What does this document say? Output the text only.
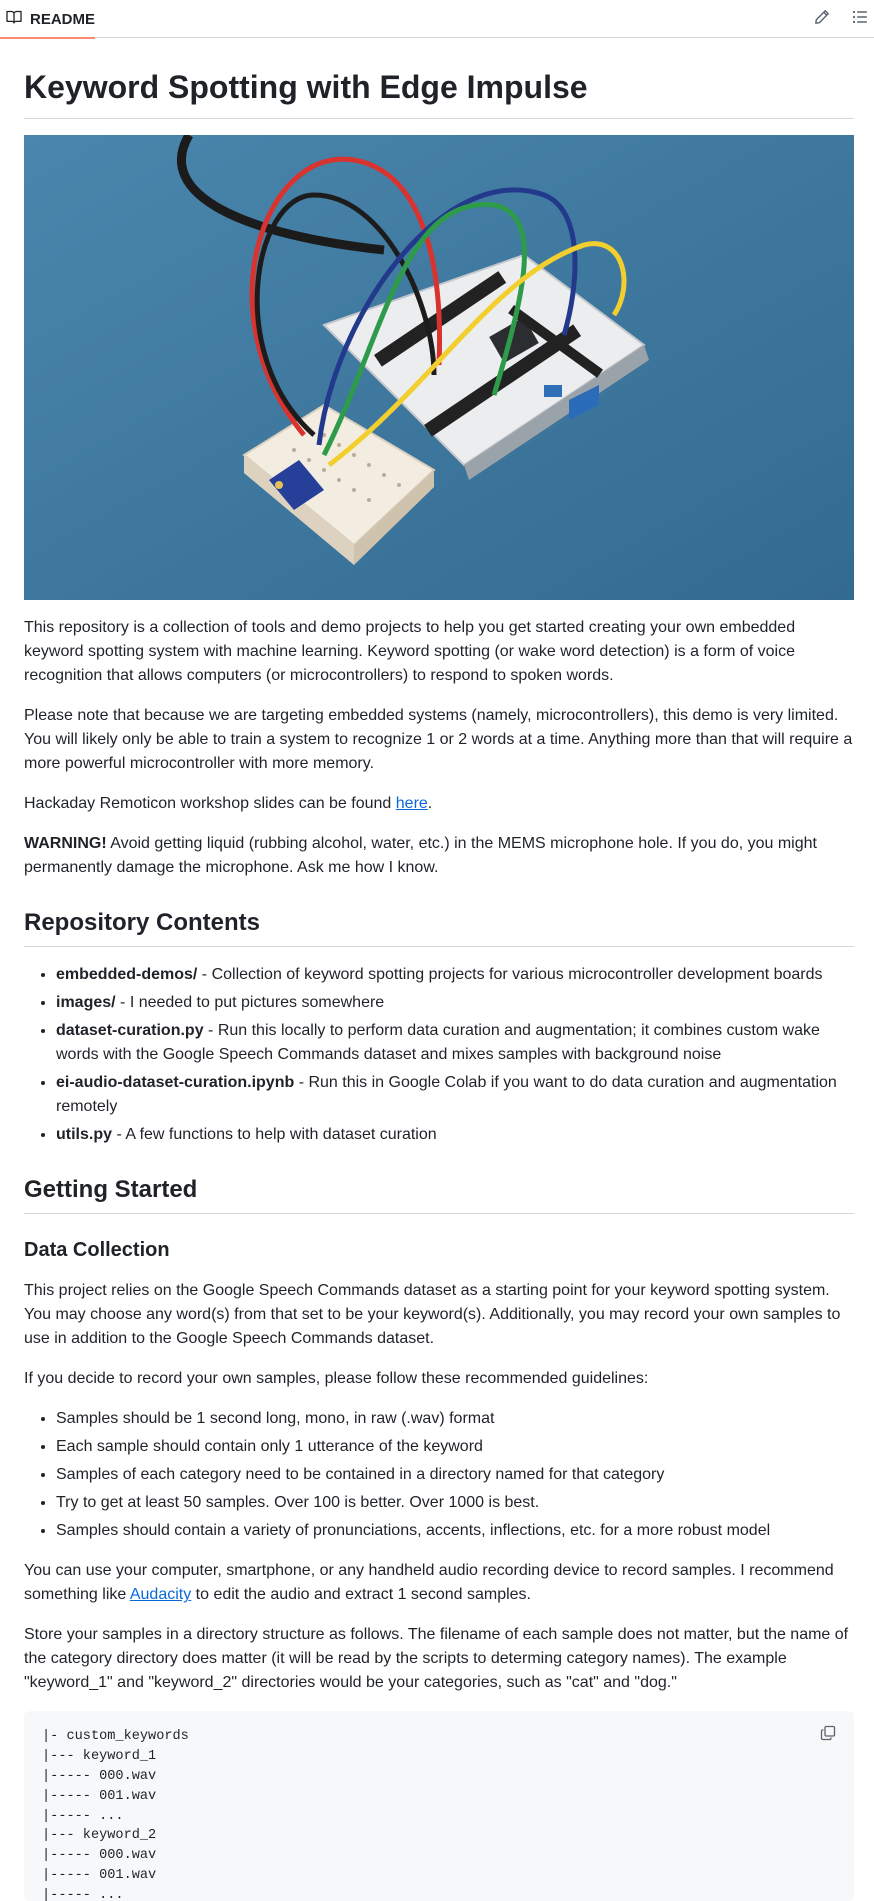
README
Keyword Spotting with Edge Impulse

This repository is a collection of tools and demo projects to help you get started creating your own embedded keyword spotting system with machine learning. Keyword spotting (or wake word detection) is a form of voice recognition that allows computers (or microcontrollers) to respond to spoken words.

Please note that because we are targeting embedded systems (namely, microcontrollers), this demo is very limited. You will likely only be able to train a system to recognize 1 or 2 words at a time. Anything more than that will require a more powerful microcontroller with more memory.

Hackaday Remoticon workshop slides can be found here.

WARNING! Avoid getting liquid (rubbing alcohol, water, etc.) in the MEMS microphone hole. If you do, you might permanently damage the microphone. Ask me how I know.

Repository Contents
• embedded-demos/ - Collection of keyword spotting projects for various microcontroller development boards
• images/ - I needed to put pictures somewhere
• dataset-curation.py - Run this locally to perform data curation and augmentation; it combines custom wake words with the Google Speech Commands dataset and mixes samples with background noise
• ei-audio-dataset-curation.ipynb - Run this in Google Colab if you want to do data curation and augmentation remotely
• utils.py - A few functions to help with dataset curation
Getting Started
Data Collection

This project relies on the Google Speech Commands dataset as a starting point for your keyword spotting system. You may choose any word(s) from that set to be your keyword(s). Additionally, you may record your own samples to use in addition to the Google Speech Commands dataset.

If you decide to record your own samples, please follow these recommended guidelines:

• Samples should be 1 second long, mono, in raw (.wav) format
• Each sample should contain only 1 utterance of the keyword
• Samples of each category need to be contained in a directory named for that category
• Try to get at least 50 samples. Over 100 is better. Over 1000 is best.
• Samples should contain a variety of pronunciations, accents, inflections, etc. for a more robust model

You can use your computer, smartphone, or any handheld audio recording device to record samples. I recommend something like Audacity to edit the audio and extract 1 second samples.

Store your samples in a directory structure as follows. The filename of each sample does not matter, but the name of the category directory does matter (it will be read by the scripts to determing category names). The example "keyword_1" and "keyword_2" directories would be your categories, such as "cat" and "dog."

|- custom_keywords
|--- keyword_1
|----- 000.wav
|----- 001.wav
|----- ...
|--- keyword_2
|----- 000.wav
|----- 001.wav
|----- ...
